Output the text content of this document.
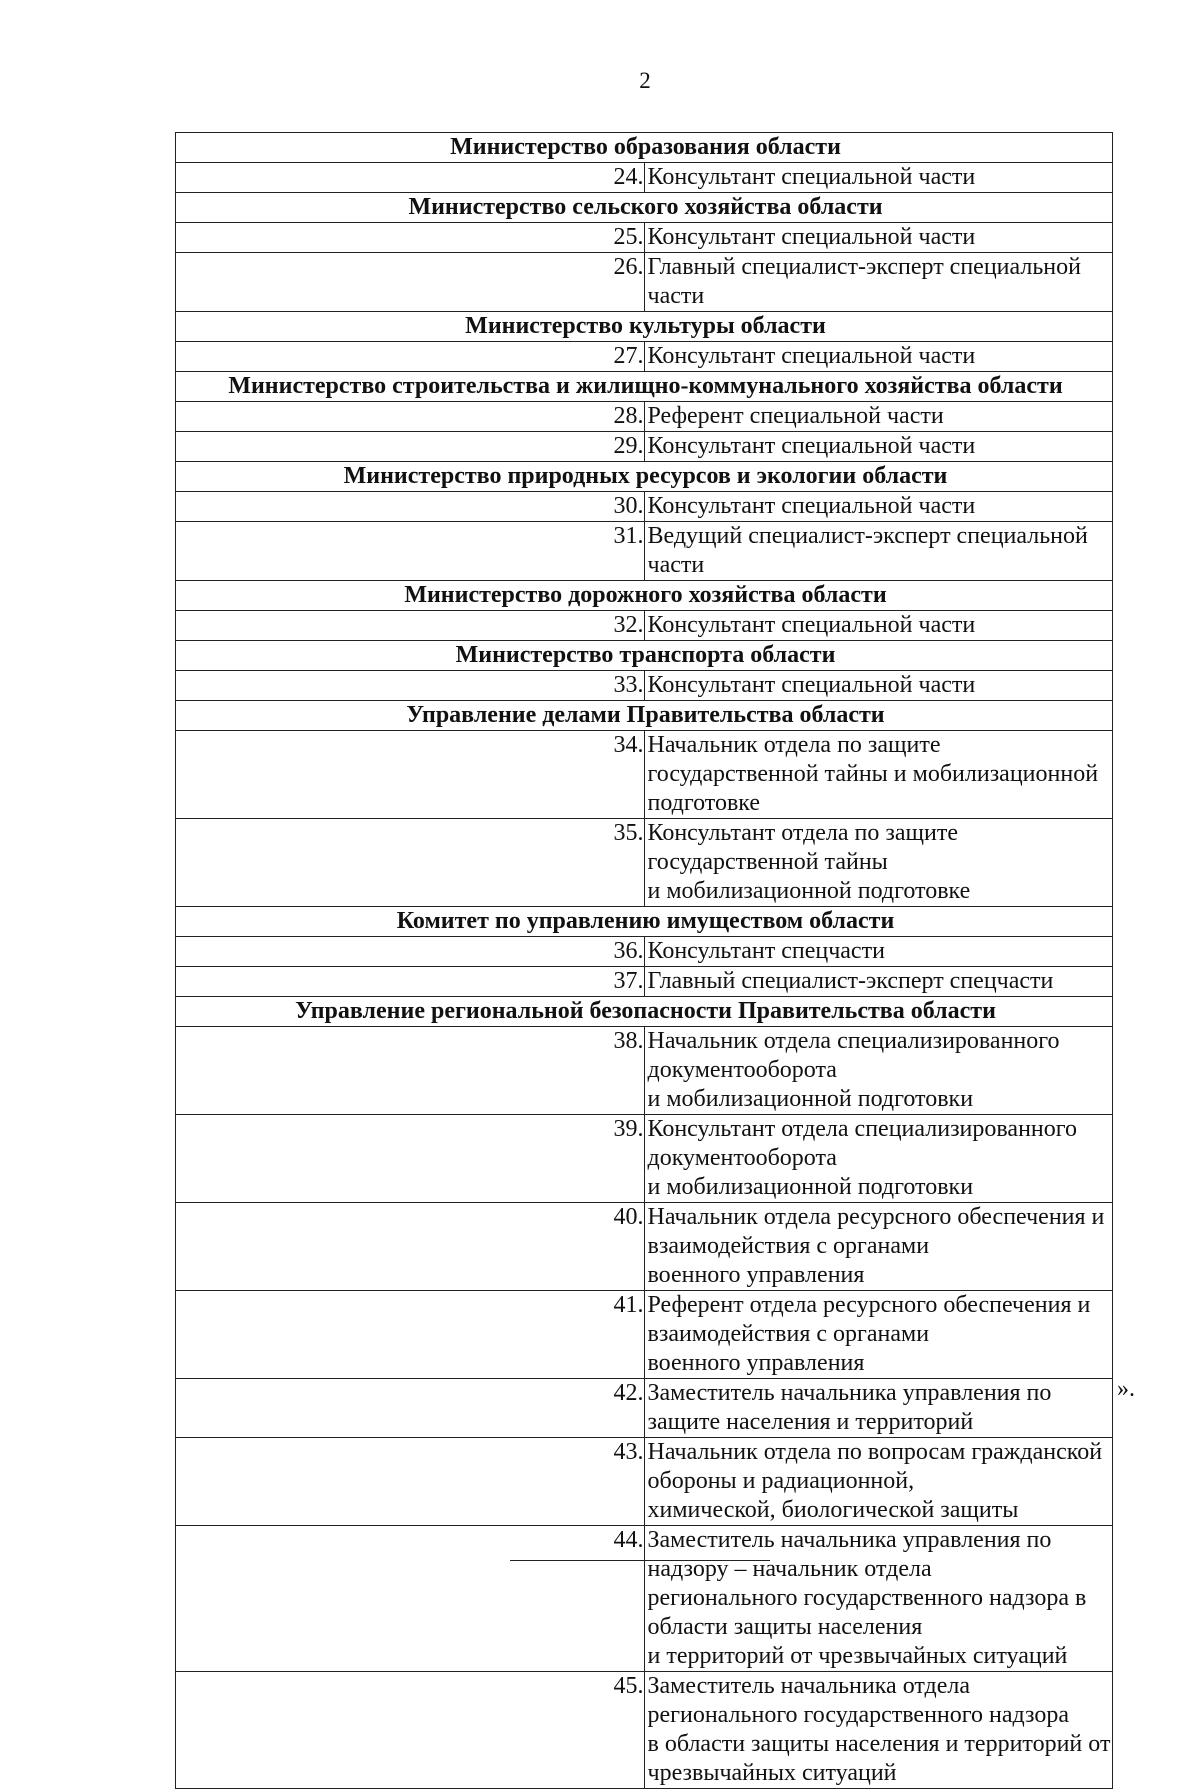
2
Министерство образования области	
24.	Консультант специальной части
Министерство сельского хозяйства области	
25.	Консультант специальной части
26.	Главный специалист-эксперт специальной части
Министерство культуры области	
27.	Консультант специальной части
Министерство строительства и жилищно-коммунального хозяйства области	
28.	Референт специальной части
29.	Консультант специальной части
Министерство природных ресурсов и экологии области	
30.	Консультант специальной части
31.	Ведущий специалист-эксперт специальной части
Министерство дорожного хозяйства области	
32.	Консультант специальной части
Министерство транспорта области	
33.	Консультант специальной части
Управление делами Правительства области	
34.	Начальник отдела по защите государственной тайны и мобилизационной
подготовке

35.	Консультант отдела по защите государственной тайны
и мобилизационной подготовке

Комитет по управлению имуществом области	
36.	Консультант спецчасти
37.	Главный специалист-эксперт спецчасти
Управление региональной безопасности Правительства области	
38.	Начальник отдела специализированного документооборота
и мобилизационной подготовки

39.	Консультант отдела специализированного документооборота
и мобилизационной подготовки

40.	Начальник отдела ресурсного обеспечения и взаимодействия с органами
военного управления

41.	Референт отдела ресурсного обеспечения и взаимодействия с органами
военного управления

42.	Заместитель начальника управления по защите населения и территорий
43.	Начальник отдела по вопросам гражданской обороны и радиационной,
химической, биологической защиты

44.	Заместитель начальника управления по надзору – начальник отдела
регионального государственного надзора в области защиты населения
и территорий от чрезвычайных ситуаций

45.	Заместитель начальника отдела регионального государственного надзора
в области защиты населения и территорий от чрезвычайных ситуаций
».
